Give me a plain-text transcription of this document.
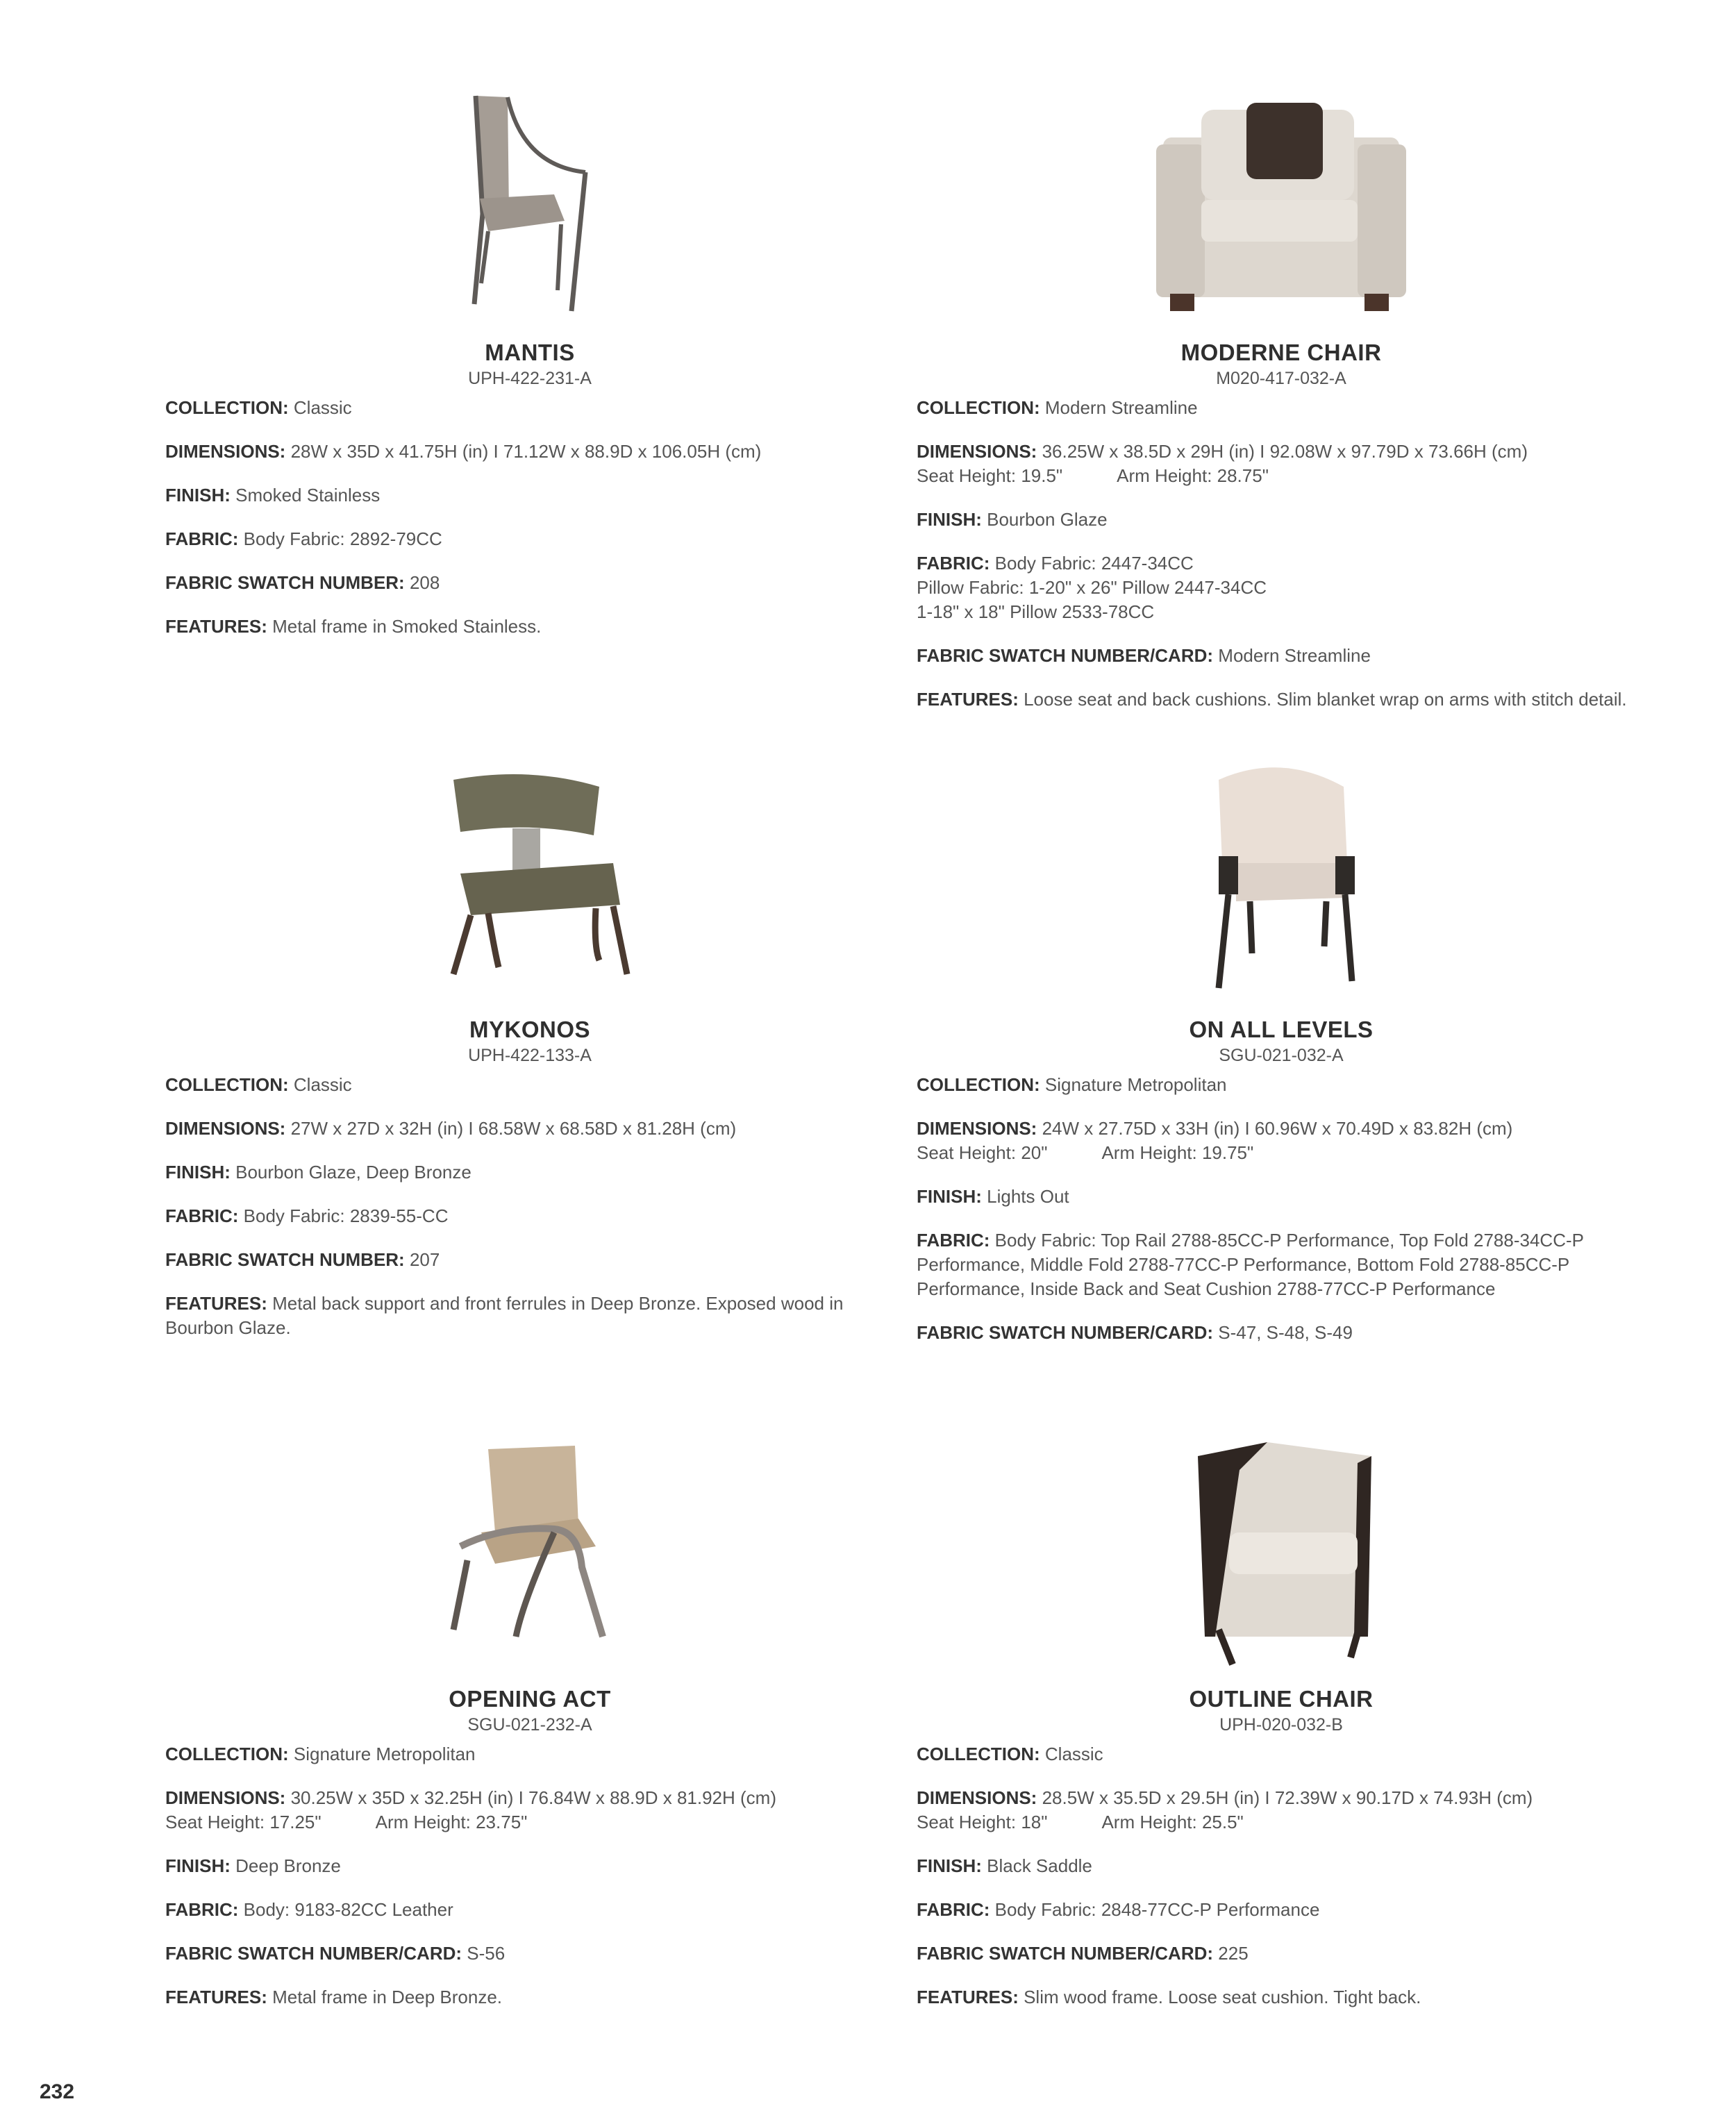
MANTIS
UPH-422-231-A
COLLECTION: Classic
DIMENSIONS: 28W x 35D x 41.75H (in) I 71.12W x 88.9D x 106.05H (cm)
FINISH: Smoked Stainless
FABRIC: Body Fabric: 2892-79CC
FABRIC SWATCH NUMBER: 208
FEATURES: Metal frame in Smoked Stainless.
MODERNE CHAIR
M020-417-032-A
COLLECTION: Modern Streamline
DIMENSIONS: 36.25W x 38.5D x 29H (in) I 92.08W x 97.79D x 73.66H (cm)
Seat Height: 19.5"	Arm Height: 28.75"
FINISH: Bourbon Glaze
FABRIC: Body Fabric: 2447-34CC
Pillow Fabric: 1-20" x 26" Pillow 2447-34CC
1-18" x 18" Pillow 2533-78CC
FABRIC SWATCH NUMBER/CARD: Modern Streamline
FEATURES: Loose seat and back cushions. Slim blanket wrap on arms with stitch detail.
MYKONOS
UPH-422-133-A
COLLECTION: Classic
DIMENSIONS: 27W x 27D x 32H (in) I 68.58W x 68.58D x 81.28H (cm)
FINISH: Bourbon Glaze, Deep Bronze
FABRIC: Body Fabric: 2839-55-CC
FABRIC SWATCH NUMBER: 207
FEATURES: Metal back support and front ferrules in Deep Bronze. Exposed wood in Bourbon Glaze.
ON ALL LEVELS
SGU-021-032-A
COLLECTION: Signature Metropolitan
DIMENSIONS: 24W x 27.75D x 33H (in) I 60.96W x 70.49D x 83.82H (cm)
Seat Height: 20"	Arm Height: 19.75"
FINISH: Lights Out
FABRIC: Body Fabric: Top Rail 2788-85CC-P Performance, Top Fold 2788-34CC-P Performance, Middle Fold 2788-77CC-P Performance, Bottom Fold 2788-85CC-P Performance, Inside Back and Seat Cushion 2788-77CC-P Performance
FABRIC SWATCH NUMBER/CARD: S-47, S-48, S-49
OPENING ACT
SGU-021-232-A
COLLECTION: Signature Metropolitan
DIMENSIONS: 30.25W x 35D x 32.25H (in) I 76.84W x 88.9D x 81.92H (cm)
Seat Height: 17.25"	Arm Height: 23.75"
FINISH: Deep Bronze
FABRIC: Body: 9183-82CC Leather
FABRIC SWATCH NUMBER/CARD: S-56
FEATURES: Metal frame in Deep Bronze.
OUTLINE CHAIR
UPH-020-032-B
COLLECTION: Classic
DIMENSIONS: 28.5W x 35.5D x 29.5H (in) I 72.39W x 90.17D x 74.93H (cm)
Seat Height: 18"	Arm Height: 25.5"
FINISH: Black Saddle
FABRIC: Body Fabric: 2848-77CC-P Performance
FABRIC SWATCH NUMBER/CARD: 225
FEATURES: Slim wood frame. Loose seat cushion. Tight back.
232
